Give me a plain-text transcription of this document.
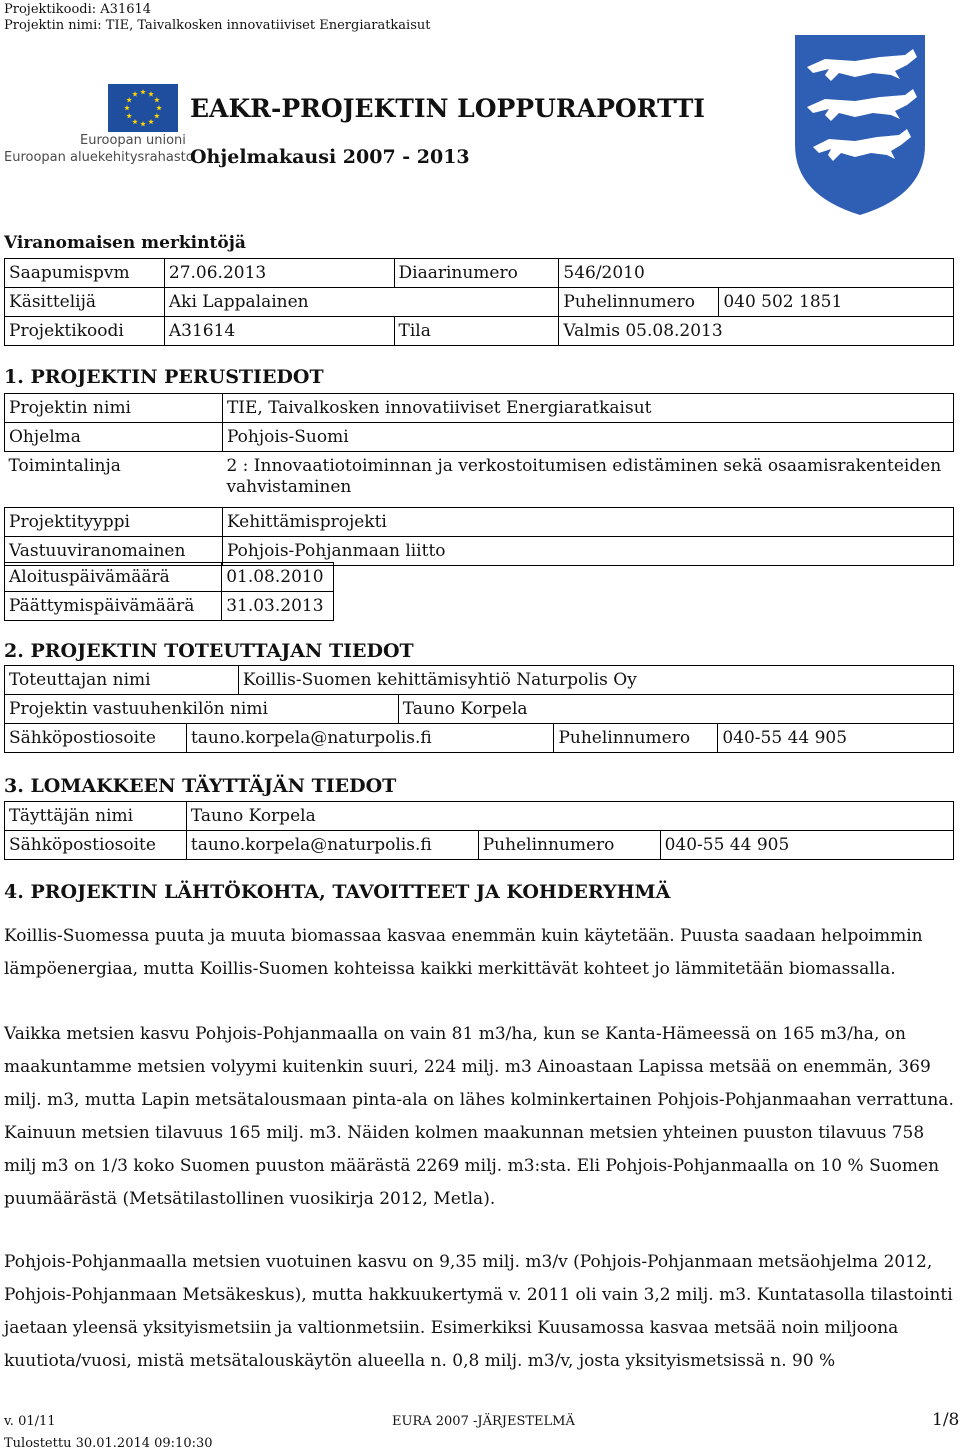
Projektikoodi: A31614
Projektin nimi: TIE, Taivalkosken innovatiiviset Energiaratkaisut
Euroopan unioni
Euroopan aluekehitysrahasto
EAKR-PROJEKTIN LOPPURAPORTTI
Ohjelmakausi 2007 - 2013
Viranomaisen merkintöjä
Saapumispvm	27.06.2013	Diaarinumero	546/2010	
Käsittelijä	Aki Lappalainen		Puhelinnumero	040 502 1851
Projektikoodi	A31614	Tila	Valmis 05.08.2013	
1. PROJEKTIN PERUSTIEDOT
Projektin nimi	TIE, Taivalkosken innovatiiviset Energiaratkaisut
Ohjelma	Pohjois-Suomi
Toimintalinja	2 : Innovaatiotoiminnan ja verkostoitumisen edistäminen sekä osaamisrakenteiden vahvistaminen
Projektityyppi	Kehittämisprojekti
Vastuuviranomainen	Pohjois-Pohjanmaan liitto
Aloituspäivämäärä	01.08.2010
Päättymispäivämäärä	31.03.2013
2. PROJEKTIN TOTEUTTAJAN TIEDOT
Toteuttajan nimi		Koillis-Suomen kehittämisyhtiö Naturpolis Oy			
Projektin vastuuhenkilön nimi			Tauno Korpela		
Sähköpostiosoite	tauno.korpela@naturpolis.fi			Puhelinnumero	040-55 44 905
3. LOMAKKEEN TÄYTTÄJÄN TIEDOT
Täyttäjän nimi	Tauno Korpela		
Sähköpostiosoite	tauno.korpela@naturpolis.fi	Puhelinnumero	040-55 44 905
4. PROJEKTIN LÄHTÖKOHTA, TAVOITTEET JA KOHDERYHMÄ
Koillis-Suomessa puuta ja muuta biomassaa kasvaa enemmän kuin käytetään. Puusta saadaan helpoimmin lämpöenergiaa, mutta Koillis-Suomen kohteissa kaikki merkittävät kohteet jo lämmitetään biomassalla.
Vaikka metsien kasvu Pohjois-Pohjanmaalla on vain 81 m3/ha, kun se Kanta-Hämeessä on 165 m3/ha, on maakuntamme metsien volyymi kuitenkin suuri, 224 milj. m3 Ainoastaan Lapissa metsää on enemmän, 369 milj. m3, mutta Lapin metsätalousmaan pinta-ala on lähes kolminkertainen Pohjois-Pohjanmaahan verrattuna. Kainuun metsien tilavuus 165 milj. m3. Näiden kolmen maakunnan metsien yhteinen puuston tilavuus 758 milj m3 on 1/3 koko Suomen puuston määrästä 2269 milj. m3:sta. Eli Pohjois-Pohjanmaalla on 10 % Suomen puumäärästä (Metsätilastollinen vuosikirja 2012, Metla).
Pohjois-Pohjanmaalla metsien vuotuinen kasvu on 9,35 milj. m3/v (Pohjois-Pohjanmaan metsäohjelma 2012, Pohjois-Pohjanmaan Metsäkeskus), mutta hakkuukertymä v. 2011 oli vain 3,2 milj. m3. Kuntatasolla tilastointi jaetaan yleensä yksityismetsiin ja valtionmetsiin. Esimerkiksi Kuusamossa kasvaa metsää noin miljoona kuutiota/vuosi, mistä metsätalouskäytön alueella n. 0,8 milj. m3/v, josta yksityismetsissä n. 90 %
v. 01/11	EURA 2007 -JÄRJESTELMÄ	1/8
Tulostettu 30.01.2014 09:10:30
